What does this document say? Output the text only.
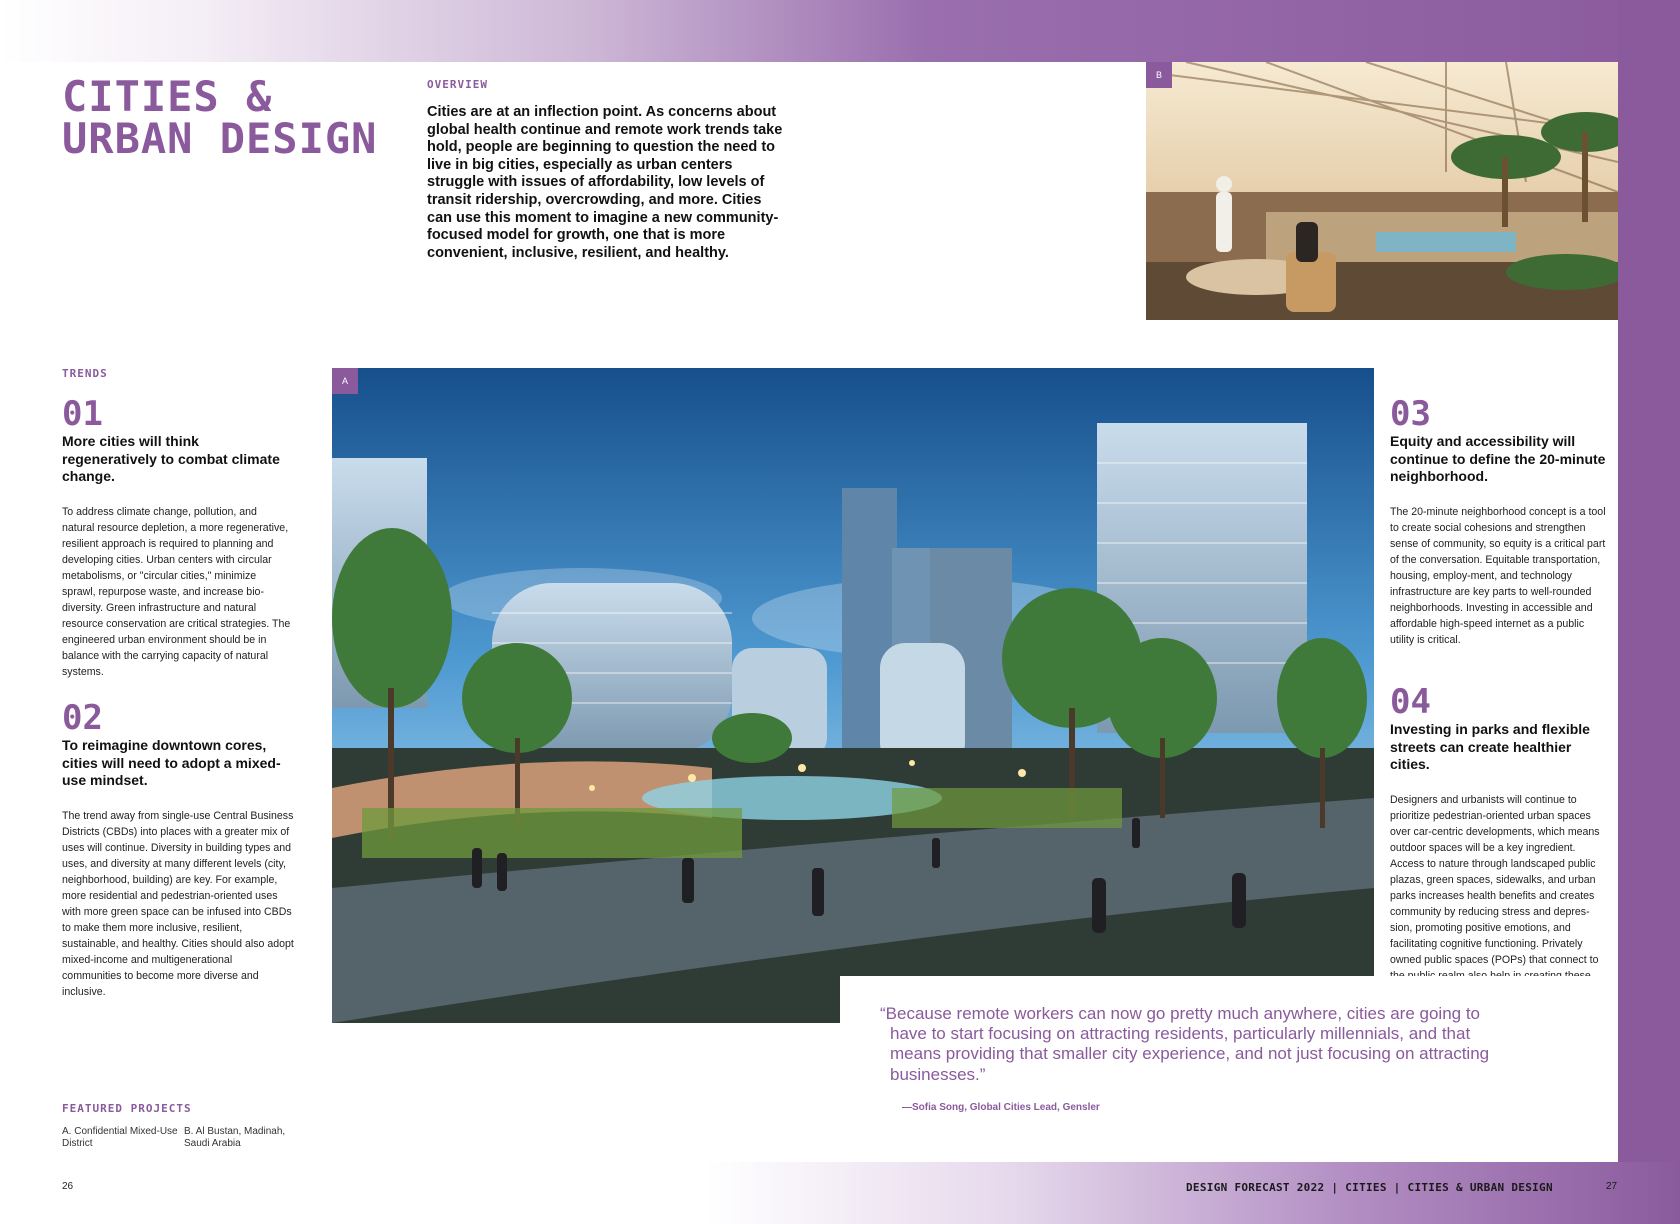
CITIES &
URBAN DESIGN
OVERVIEW
Cities are at an inflection point. As concerns about global health continue and remote work trends take hold, people are beginning to question the need to live in big cities, especially as urban centers struggle with issues of affordability, low levels of transit ridership, overcrowding, and more. Cities can use this moment to imagine a new community-focused model for growth, one that is more convenient, inclusive, resilient, and healthy.
B
A
TRENDS
01
More cities will think regeneratively to combat climate change.
To address climate change, pollution, and natural resource depletion, a more regenerative, resilient approach is required to planning and developing cities. Urban centers with circular metabolisms, or "circular cities," minimize sprawl, repurpose waste, and increase bio-diversity. Green infrastructure and natural resource conservation are critical strategies. The engineered urban environment should be in balance with the carrying capacity of natural systems.
02
To reimagine downtown cores, cities will need to adopt a mixed-use mindset.
The trend away from single-use Central Business Districts (CBDs) into places with a greater mix of uses will continue. Diversity in building types and uses, and diversity at many different levels (city, neighborhood, building) are key. For example, more residential and pedestrian-oriented uses with more green space can be infused into CBDs to make them more inclusive, resilient, sustainable, and healthy. Cities should also adopt mixed-income and multigenerational communities to become more diverse and inclusive.
03
Equity and accessibility will continue to define the 20-minute neighborhood.
The 20-minute neighborhood concept is a tool to create social cohesions and strengthen sense of community, so equity is a critical part of the conversation. Equitable transportation, housing, employ-ment, and technology infrastructure are key parts to well-rounded neighborhoods. Investing in accessible and affordable high-speed internet as a public utility is critical.
04
Investing in parks and flexible streets can create healthier cities.
Designers and urbanists will continue to prioritize pedestrian-oriented urban spaces over car-centric developments, which means outdoor spaces will be a key ingredient. Access to nature through landscaped public plazas, green spaces, sidewalks, and urban parks increases health benefits and creates community by reducing stress and depres-sion, promoting positive emotions, and facilitating cognitive functioning. Privately owned public spaces (POPs) that connect to
“Because remote workers can now go pretty much anywhere, cities are going to have to start focusing on attracting residents, particularly millennials, and that means providing that smaller city experience, and not just focusing on attracting businesses.”
—Sofia Song, Global Cities Lead, Gensler
FEATURED PROJECTS
A. Confidential Mixed-Use District
B. Al Bustan, Madinah, Saudi Arabia
26	DESIGN FORECAST 2022 | CITIES | CITIES & URBAN DESIGN	27
